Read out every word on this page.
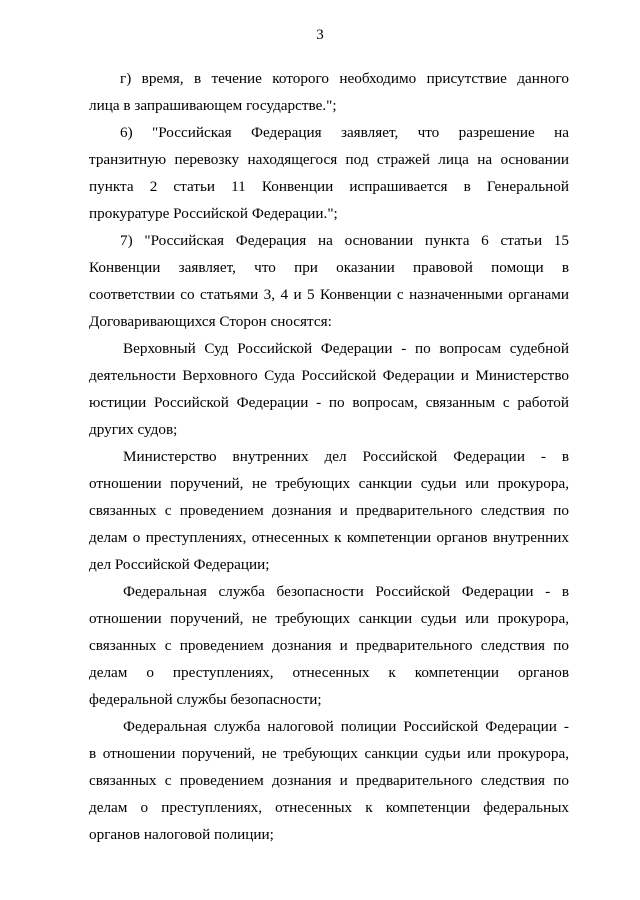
3
г) время, в течение которого необходимо присутствие данного
лица в запрашивающем государстве.";
6) "Российская Федерация заявляет, что разрешение на
транзитную перевозку находящегося под стражей лица на основании
пункта 2 статьи 11 Конвенции испрашивается в Генеральной
прокуратуре Российской Федерации.";
7) "Российская Федерация на основании пункта 6 статьи 15
Конвенции заявляет, что при оказании правовой помощи в
соответствии со статьями 3, 4 и 5 Конвенции с назначенными органами
Договаривающихся Сторон сносятся:
Верховный Суд Российской Федерации - по вопросам судебной
деятельности Верховного Суда Российской Федерации и Министерство
юстиции Российской Федерации - по вопросам, связанным с работой
других судов;
Министерство внутренних дел Российской Федерации - в
отношении поручений, не требующих санкции судьи или прокурора,
связанных с проведением дознания и предварительного следствия по
делам о преступлениях, отнесенных к компетенции органов внутренних
дел Российской Федерации;
Федеральная служба безопасности Российской Федерации - в
отношении поручений, не требующих санкции судьи или прокурора,
связанных с проведением дознания и предварительного следствия по
делам о преступлениях, отнесенных к компетенции органов
федеральной службы безопасности;
Федеральная служба налоговой полиции Российской Федерации -
в отношении поручений, не требующих санкции судьи или прокурора,
связанных с проведением дознания и предварительного следствия по
делам о преступлениях, отнесенных к компетенции федеральных
органов налоговой полиции;
